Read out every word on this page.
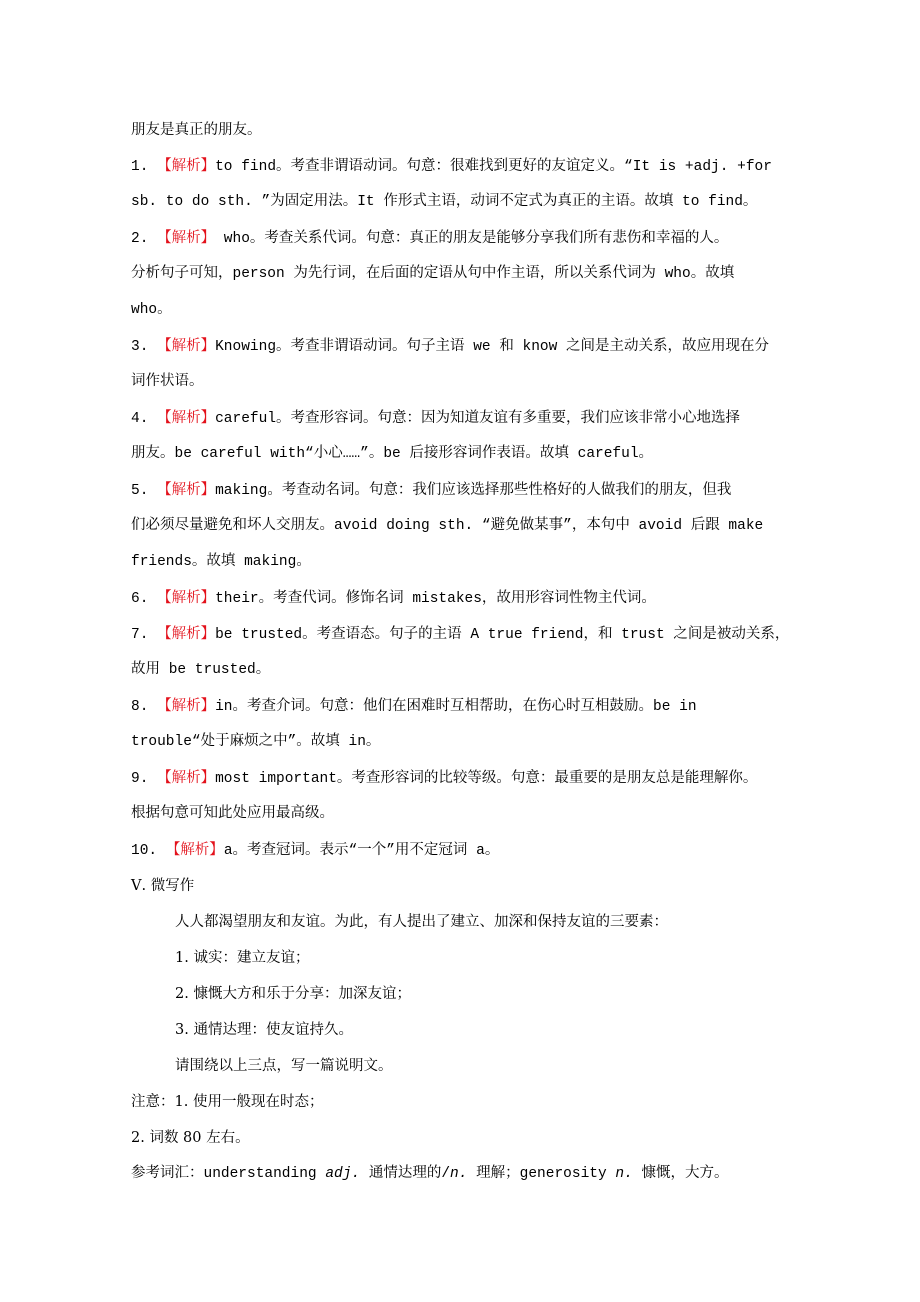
朋友是真正的朋友。
1. 【解析】to find。考查非谓语动词。句意：很难找到更好的友谊定义。“It is +adj. +for
sb. to do sth. ”为固定用法。It 作形式主语，动词不定式为真正的主语。故填 to find。
2. 【解析】 who。考查关系代词。句意：真正的朋友是能够分享我们所有悲伤和幸福的人。
分析句子可知，person 为先行词，在后面的定语从句中作主语，所以关系代词为 who。故填
who。
3. 【解析】Knowing。考查非谓语动词。句子主语 we 和 know 之间是主动关系，故应用现在分
词作状语。
4. 【解析】careful。考查形容词。句意：因为知道友谊有多重要，我们应该非常小心地选择
朋友。be careful with“小心……”。be 后接形容词作表语。故填 careful。
5. 【解析】making。考查动名词。句意：我们应该选择那些性格好的人做我们的朋友，但我
们必须尽量避免和坏人交朋友。avoid doing sth. “避免做某事”，本句中 avoid 后跟 make
friends。故填 making。
6. 【解析】their。考查代词。修饰名词 mistakes，故用形容词性物主代词。
7. 【解析】be trusted。考查语态。句子的主语 A true friend，和 trust 之间是被动关系，
故用 be trusted。
8. 【解析】in。考查介词。句意：他们在困难时互相帮助，在伤心时互相鼓励。be in
trouble“处于麻烦之中”。故填 in。
9. 【解析】most important。考查形容词的比较等级。句意：最重要的是朋友总是能理解你。
根据句意可知此处应用最高级。
10. 【解析】a。考查冠词。表示“一个”用不定冠词 a。
Ⅴ. 微写作
人人都渴望朋友和友谊。为此，有人提出了建立、加深和保持友谊的三要素：
1. 诚实：建立友谊；
2. 慷慨大方和乐于分享：加深友谊；
3. 通情达理：使友谊持久。
请围绕以上三点，写一篇说明文。
注意：1. 使用一般现在时态；
2. 词数 80 左右。
参考词汇：understanding adj. 通情达理的/n. 理解；generosity n. 慷慨，大方。
